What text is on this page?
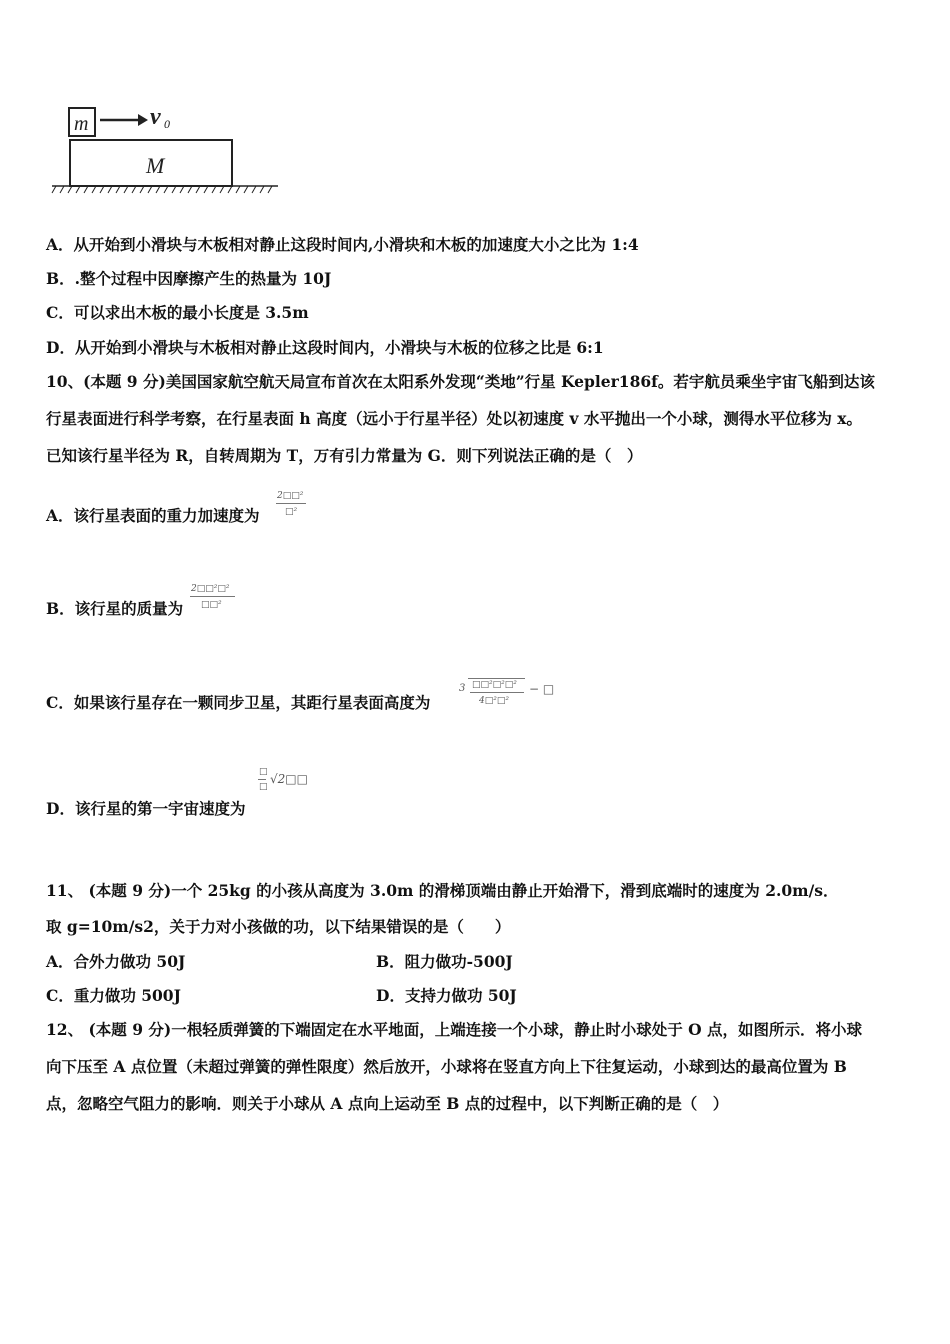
m
M
v 0
A．从开始到小滑块与木板相对静止这段时间内,小滑块和木板的加速度大小之比为 1:4
B．.整个过程中因摩擦产生的热量为 10J
C．可以求出木板的最小长度是 3.5m
D．从开始到小滑块与木板相对静止这段时间内，小滑块与木板的位移之比是 6:1
10、(本题 9 分)美国国家航空航天局宣布首次在太阳系外发现“类地”行星 Kepler186f。若宇航员乘坐宇宙飞船到达该
行星表面进行科学考察，在行星表面 h 高度（远小于行星半径）处以初速度 v 水平抛出一个小球，测得水平位移为 x。
已知该行星半径为 R，自转周期为 T，万有引力常量为 G．则下列说法正确的是（　）
A．该行星表面的重力加速度为
2□□²
□²
B．该行星的质量为
2□□²□²
□□²
C．如果该行星存在一颗同步卫星，其距行星表面高度为
3 □□²□²□²
4□²□²
− □
D．该行星的第一宇宙速度为
□
□
√2□□
11、 (本题 9 分)一个 25kg 的小孩从高度为 3.0m 的滑梯顶端由静止开始滑下，滑到底端时的速度为 2.0m/s．
取 g=10m/s2，关于力对小孩做的功，以下结果错误的是（　　）
A．合外力做功 50J	B．阻力做功-500J
C．重力做功 500J	D．支持力做功 50J
12、 (本题 9 分)一根轻质弹簧的下端固定在水平地面，上端连接一个小球，静止时小球处于 O 点，如图所示．将小球
向下压至 A 点位置（未超过弹簧的弹性限度）然后放开，小球将在竖直方向上下往复运动，小球到达的最高位置为 B
点，忽略空气阻力的影响．则关于小球从 A 点向上运动至 B 点的过程中，以下判断正确的是（　）
